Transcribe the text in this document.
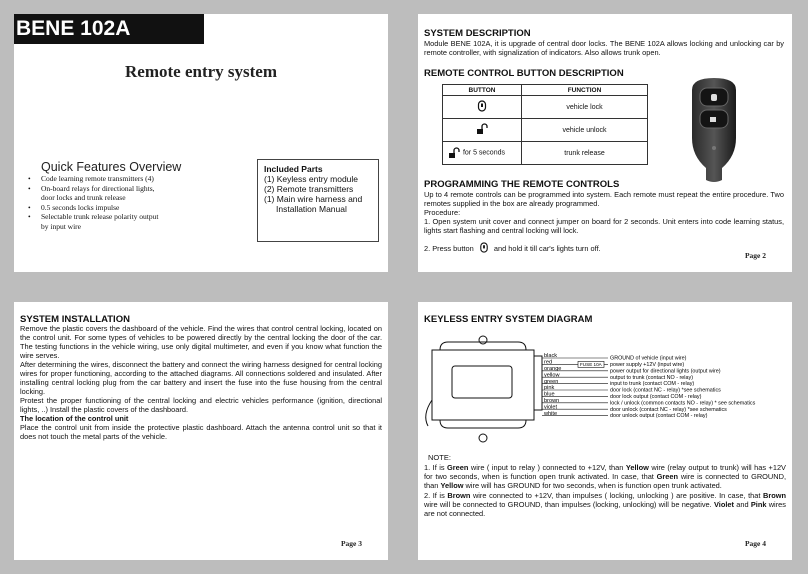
BENE 102A
Remote entry system
Quick Features Overview
• Code learning remote transmitters (4)
• On-board relays for directional lights,
door locks and trunk release
• 0.5 seconds locks impulse
• Selectable trunk release polarity output
by input wire
Included Parts
(1) Keyless entry module
(2) Remote transmitters
(1) Main wire harness and
Installation Manual
SYSTEM DESCRIPTION

Module BENE 102A, it is upgrade of central door locks. The BENE 102A allows locking and unlocking car by remote controller, with signalization of indicators. Also allows trunk open.

REMOTE CONTROL BUTTON DESCRIPTION
BUTTON	FUNCTION
	vehicle lock
	vehicle unlock
for 5 seconds	trunk release
PROGRAMMING THE REMOTE CONTROLS

Up to 4 remote controls can be programmed into system. Each remote must repeat the entire procedure. Two remotes supplied in the box are already programmed.

Procedure:

1. Open system unit cover and connect jumper on board for 2 seconds. Unit enters into code learning status, lights start flashing and central locking will lock.

2. Press button	and hold it till car's lights turn off.
Page 2
SYSTEM INSTALLATION

Remove the plastic covers the dashboard of the vehicle. Find the wires that control central locking, located on the control unit. For some types of vehicles to be powered directly by the central locking the door of the car. The testing functions in the vehicle wiring, use only digital multimeter, and even if you know what function the wire serves.

After determining the wires, disconnect the battery and connect the wiring harness designed for central locking wires for proper functioning, according to the attached diagrams. All connections soldered and insulated. After installing central locking plug from the car battery and insert the fuse into the fuse housing from the central locking.

Protest the proper functioning of the central locking and electric vehicles performance (ignition, directional lights, ..) Install the plastic covers of the dashboard.

The location of the control unit

Place the control unit from inside the protective plastic dashboard. Attach the antenna control unit so that it does not touch the metal parts of the vehicle.

Page 3
KEYLESS ENTRY SYSTEM DIAGRAM
black	GROUND of vehicle (input wire)
red	power supply +12V (input wire)
orange	power output for directional lights (output wire)
yellow	output to trunk (contact NO - relay)
green	input to trunk (contact COM - relay)
pink	door lock (contact NC - relay) *see schematics
blue	door lock output (contact COM - relay)
brown	lock / unlock (common contacts NO - relay) * see schematics
violet	door unlock (contact NC - relay) *see schematics
white	door unlock output (contact COM - relay)
FUSE 10A
NOTE:

1. If is Green wire ( input to relay ) connected to +12V, than Yellow wire (relay output to trunk) will has +12V for two seconds, when is function open trunk activated. In case, that Green wire is connected to GROUND, than Yellow wire will has GROUND for two seconds, when is function open trunk activated.

2. If is Brown wire connected to +12V, than impulses ( locking, unlocking ) are positive. In case, that Brown wire will be connected to GROUND, than impulses (locking, unlocking) will be negative. Violet and Pink wires are not connected.

Page 4
